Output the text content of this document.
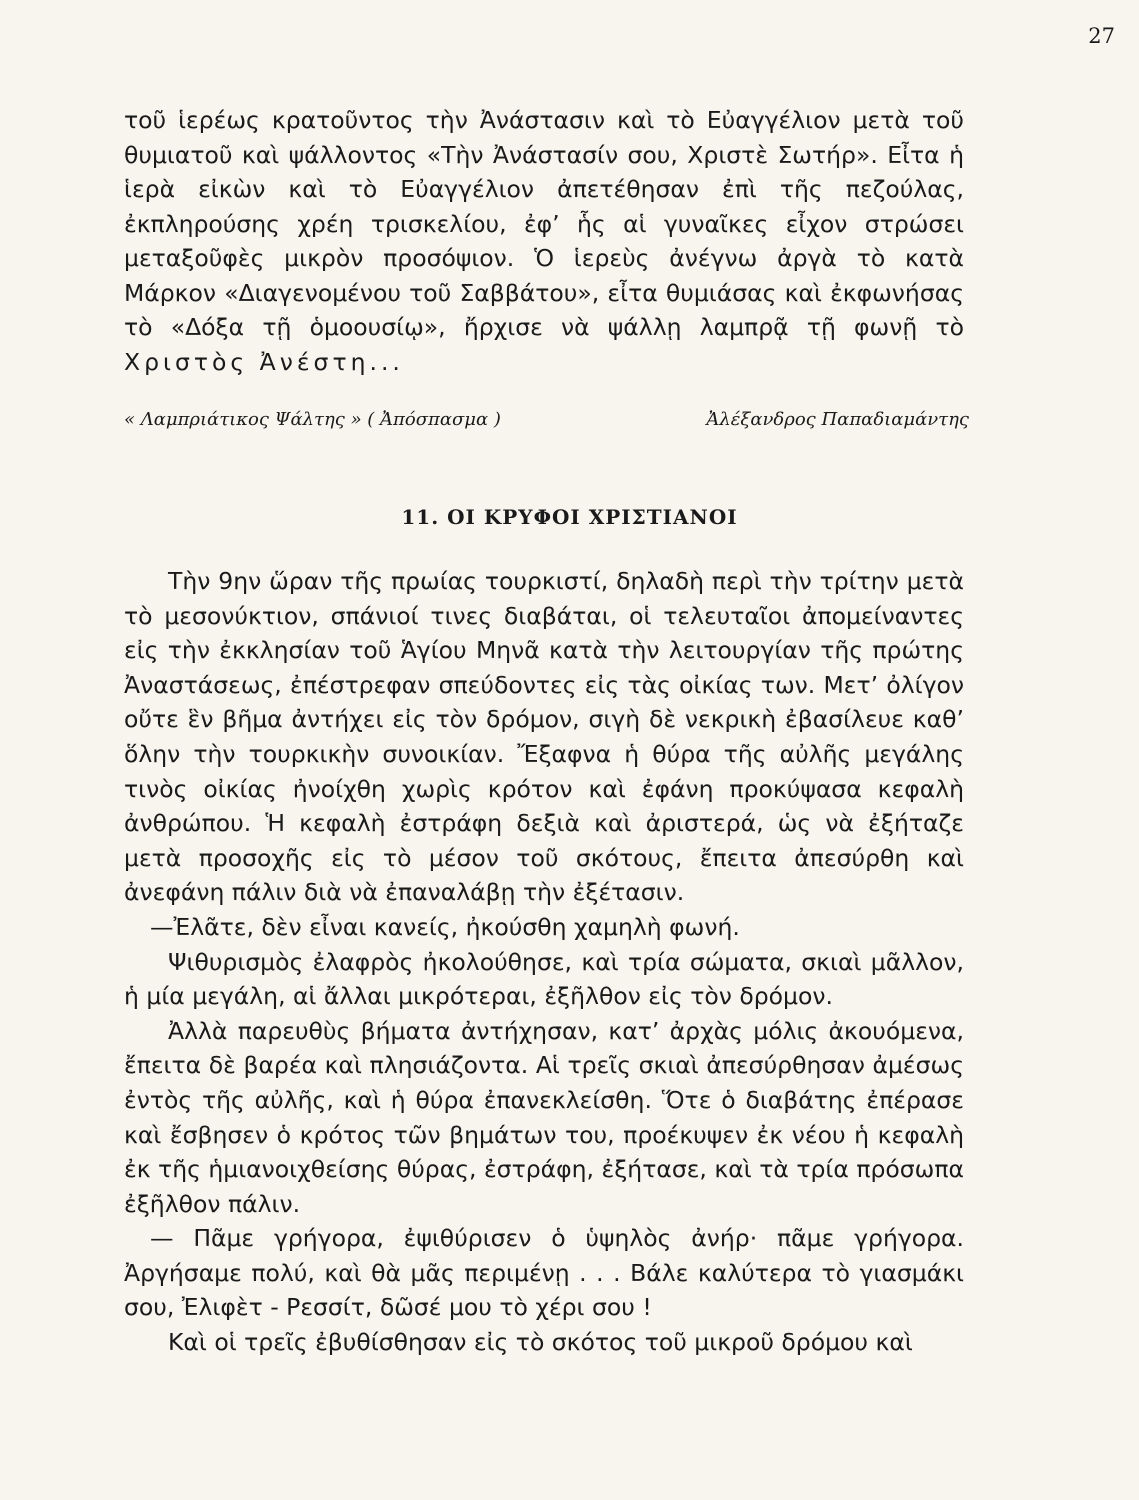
27

τοῦ ἱερέως κρατοῦντος τὴν Ἀνάστασιν καὶ τὸ Εὐαγγέλιον μετὰ τοῦ θυμιατοῦ καὶ ψάλλοντος «Τὴν Ἀνάστασίν σου, Χριστὲ Σωτήρ». Εἶτα ἡ ἱερὰ εἰκὼν καὶ τὸ Εὐαγγέλιον ἀπετέθησαν ἐπὶ τῆς πεζούλας, ἐκπληρούσης χρέη τρισκελίου, ἐφ’ ἧς αἱ γυναῖκες εἶχον στρώσει μεταξοῦφὲς μικρὸν προσόψιον. Ὁ ἱερεὺς ἀνέγνω ἀργὰ τὸ κατὰ Μάρκον «Διαγενομένου τοῦ Σαββάτου», εἶτα θυμιάσας καὶ ἐκφωνήσας τὸ «Δόξα τῇ ὁμοουσίῳ», ἤρχισε νὰ ψάλλῃ λαμπρᾷ τῇ φωνῇ τὸ Χριστὸς Ἀνέστη...

« Λαμπριάτικος Ψάλτης » ( Ἀπόσπασμα )	Ἀλέξανδρος Παπαδιαμάντης
11. ΟΙ ΚΡΥΦΟΙ ΧΡΙΣΤΙΑΝΟΙ

Τὴν 9ην ὥραν τῆς πρωίας τουρκιστί, δηλαδὴ περὶ τὴν τρίτην μετὰ τὸ μεσονύκτιον, σπάνιοί τινες διαβάται, οἱ τελευταῖοι ἀπομείναντες εἰς τὴν ἐκκλησίαν τοῦ Ἁγίου Μηνᾶ κατὰ τὴν λειτουργίαν τῆς πρώτης Ἀναστάσεως, ἐπέστρεφαν σπεύδοντες εἰς τὰς οἰκίας των. Μετ’ ὀλίγον οὔτε ἓν βῆμα ἀντήχει εἰς τὸν δρόμον, σιγὴ δὲ νεκρικὴ ἐβασίλευε καθ’ ὅλην τὴν τουρκικὴν συνοικίαν. Ἔξαφνα ἡ θύρα τῆς αὐλῆς μεγάλης τινὸς οἰκίας ἠνοίχθη χωρὶς κρότον καὶ ἐφάνη προκύψασα κεφαλὴ ἀνθρώπου. Ἡ κεφαλὴ ἐστράφη δεξιὰ καὶ ἀριστερά, ὡς νὰ ἐξήταζε μετὰ προσοχῆς εἰς τὸ μέσον τοῦ σκότους, ἔπειτα ἀπεσύρθη καὶ ἀνεφάνη πάλιν διὰ νὰ ἐπαναλάβῃ τὴν ἐξέτασιν.

—Ἐλᾶτε, δὲν εἶναι κανείς, ἠκούσθη χαμηλὴ φωνή.

Ψιθυρισμὸς ἐλαφρὸς ἠκολούθησε, καὶ τρία σώματα, σκιαὶ μᾶλλον, ἡ μία μεγάλη, αἱ ἄλλαι μικρότεραι, ἐξῆλθον εἰς τὸν δρόμον.

Ἀλλὰ παρευθὺς βήματα ἀντήχησαν, κατ’ ἀρχὰς μόλις ἀκουόμενα, ἔπειτα δὲ βαρέα καὶ πλησιάζοντα. Αἱ τρεῖς σκιαὶ ἀπεσύρθησαν ἀμέσως ἐντὸς τῆς αὐλῆς, καὶ ἡ θύρα ἐπανεκλείσθη. Ὅτε ὁ διαβάτης ἐπέρασε καὶ ἔσβησεν ὁ κρότος τῶν βημάτων του, προέκυψεν ἐκ νέου ἡ κεφαλὴ ἐκ τῆς ἡμιανοιχθείσης θύρας, ἐστράφη, ἐξήτασε, καὶ τὰ τρία πρόσωπα ἐξῆλθον πάλιν.

— Πᾶμε γρήγορα, ἐψιθύρισεν ὁ ὑψηλὸς ἀνήρ· πᾶμε γρήγορα. Ἀργήσαμε πολύ, καὶ θὰ μᾶς περιμένῃ . . . Βάλε καλύτερα τὸ γιασμάκι σου, Ἐλιφὲτ - Ρεσσίτ, δῶσέ μου τὸ χέρι σου !

Καὶ οἱ τρεῖς ἐβυθίσθησαν εἰς τὸ σκότος τοῦ μικροῦ δρόμου καὶ
